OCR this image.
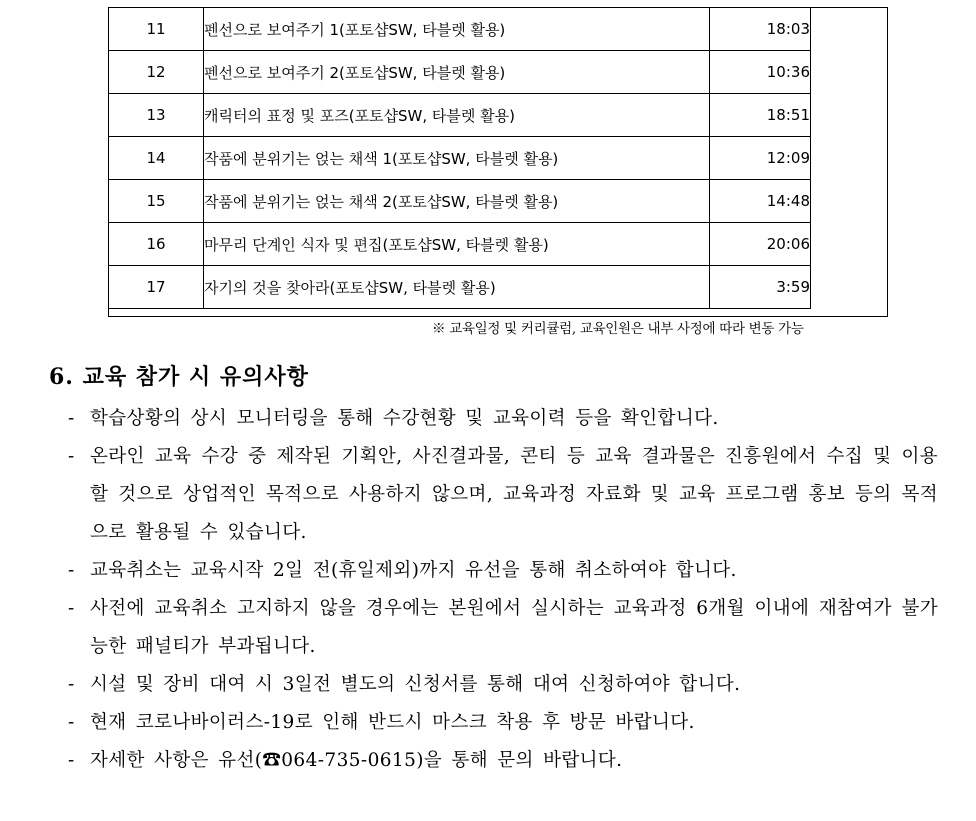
11	펜선으로 보여주기 1(포토샵SW, 타블렛 활용)	18:03
12	펜선으로 보여주기 2(포토샵SW, 타블렛 활용)	10:36
13	캐릭터의 표정 및 포즈(포토샵SW, 타블렛 활용)	18:51
14	작품에 분위기는 얹는 채색 1(포토샵SW, 타블렛 활용)	12:09
15	작품에 분위기는 얹는 채색 2(포토샵SW, 타블렛 활용)	14:48
16	마무리 단계인 식자 및 편집(포토샵SW, 타블렛 활용)	20:06
17	자기의 것을 찾아라(포토샵SW, 타블렛 활용)	3:59
※ 교육일정 및 커리큘럼, 교육인원은 내부 사정에 따라 변동 가능
6. 교육 참가 시 유의사항
- 학습상황의 상시 모니터링을 통해 수강현황 및 교육이력 등을 확인합니다.
- 온라인 교육 수강 중 제작된 기획안, 사진결과물, 콘티 등 교육 결과물은 진흥원에서 수집 및 이용할 것으로 상업적인 목적으로 사용하지 않으며, 교육과정 자료화 및 교육 프로그램 홍보 등의 목적으로 활용될 수 있습니다.
- 교육취소는 교육시작 2일 전(휴일제외)까지 유선을 통해 취소하여야 합니다.
- 사전에 교육취소 고지하지 않을 경우에는 본원에서 실시하는 교육과정 6개월 이내에 재참여가 불가능한 패널티가 부과됩니다.
- 시설 및 장비 대여 시 3일전 별도의 신청서를 통해 대여 신청하여야 합니다.
- 현재 코로나바이러스-19로 인해 반드시 마스크 착용 후 방문 바랍니다.
- 자세한 사항은 유선(☎064-735-0615)을 통해 문의 바랍니다.
